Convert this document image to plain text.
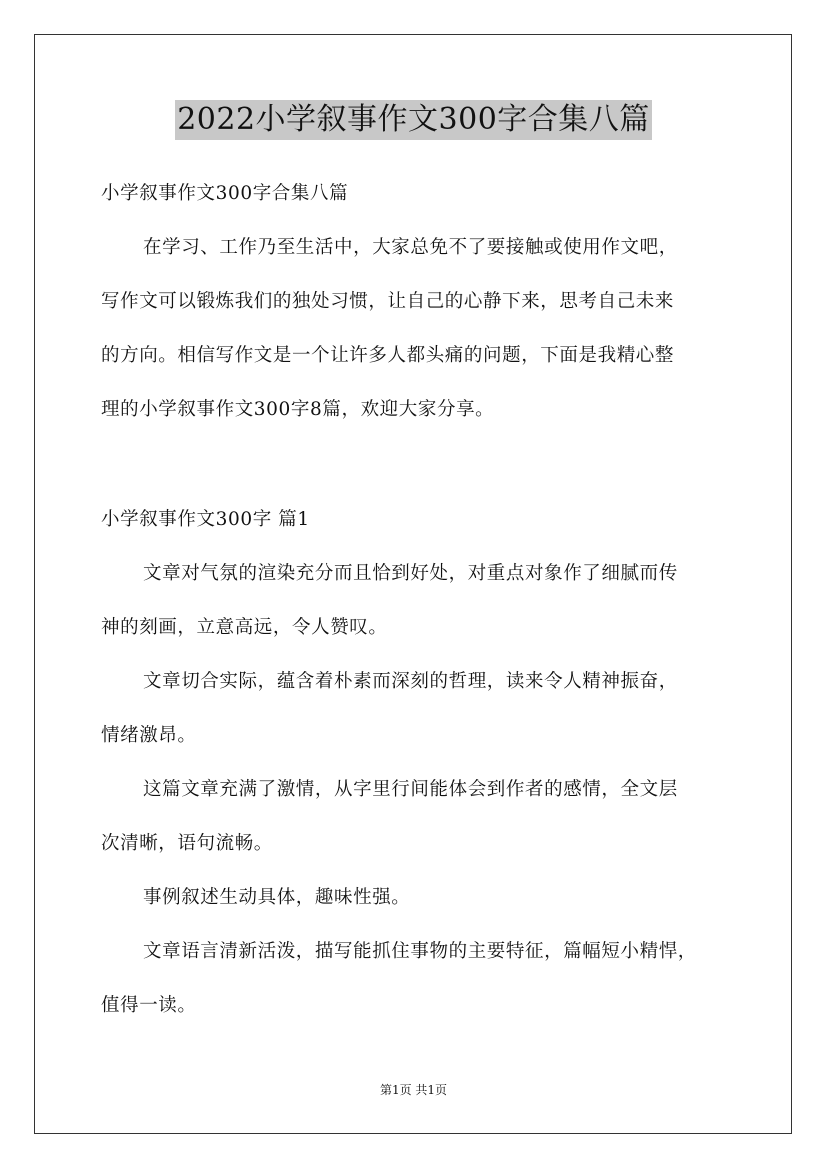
2022小学叙事作文300字合集八篇
小学叙事作文300字合集八篇
在学习、工作乃至生活中，大家总免不了要接触或使用作文吧，
写作文可以锻炼我们的独处习惯，让自己的心静下来，思考自己未来
的方向。相信写作文是一个让许多人都头痛的问题，下面是我精心整
理的小学叙事作文300字8篇，欢迎大家分享。
小学叙事作文300字 篇1
文章对气氛的渲染充分而且恰到好处，对重点对象作了细腻而传
神的刻画，立意高远，令人赞叹。
文章切合实际，蕴含着朴素而深刻的哲理，读来令人精神振奋，
情绪激昂。
这篇文章充满了激情，从字里行间能体会到作者的感情，全文层
次清晰，语句流畅。
事例叙述生动具体，趣味性强。
文章语言清新活泼，描写能抓住事物的主要特征，篇幅短小精悍，
值得一读。
第1页 共1页
